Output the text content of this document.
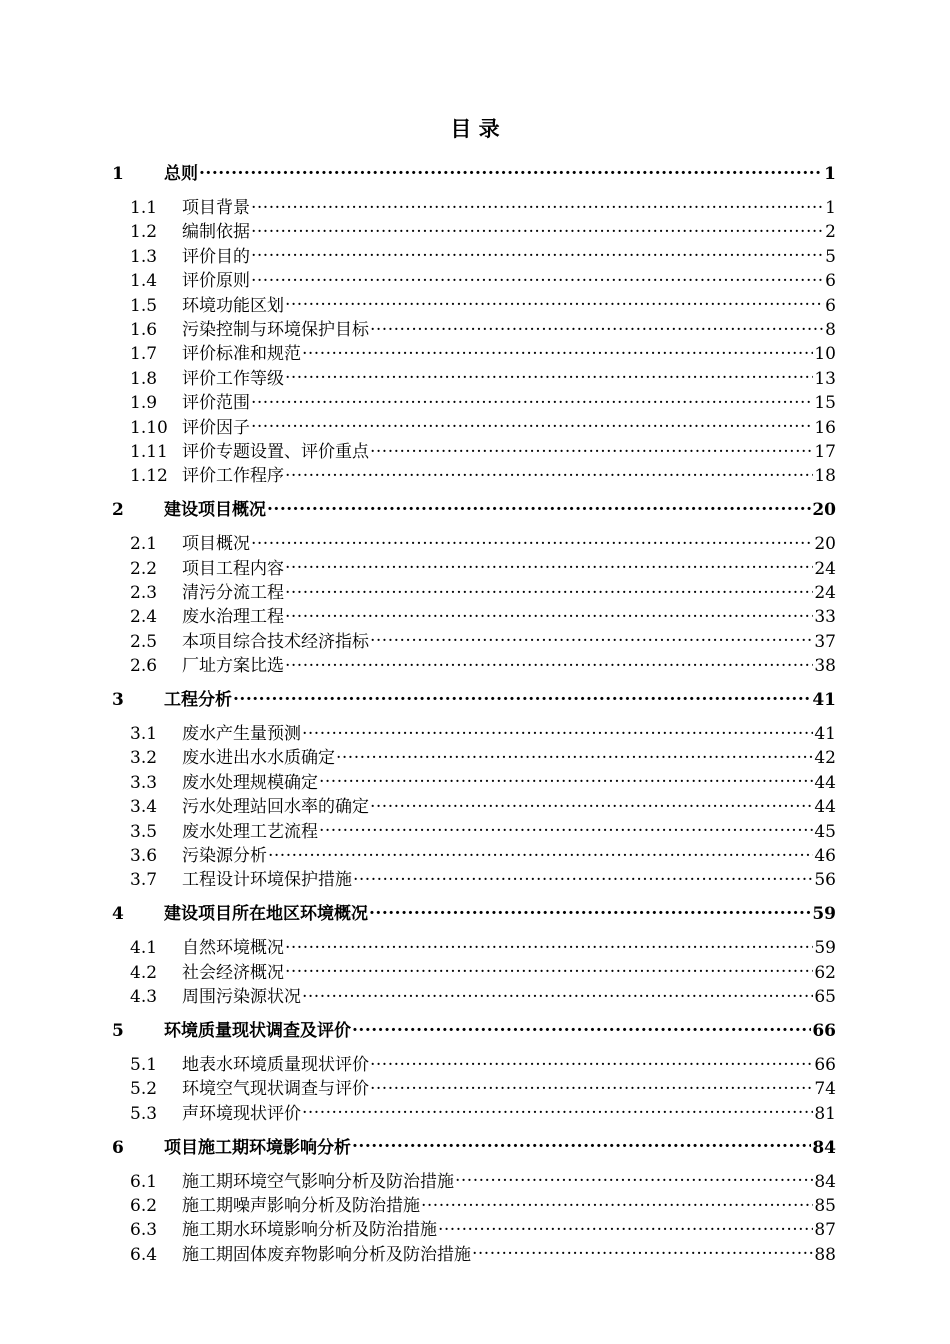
目 录
1	总则 .....	1
1.1	项目背景 .....	1
1.2	编制依据 .....	2
1.3	评价目的 .....	5
1.4	评价原则 .....	6
1.5	环境功能区划 .....	6
1.6	污染控制与环境保护目标 .....	8
1.7	评价标准和规范 .....	10
1.8	评价工作等级 .....	13
1.9	评价范围 .....	15
1.10 评价因子 .....	16
1.11 评价专题设置、评价重点 .....	17
1.12 评价工作程序 .....	18
2	建设项目概况 .....	20
2.1	项目概况 .....	20
2.2	项目工程内容 .....	24
2.3	清污分流工程 .....	24
2.4	废水治理工程 .....	33
2.5	本项目综合技术经济指标 .....	37
2.6	厂址方案比选 .....	38
3	工程分析 .....	41
3.1	废水产生量预测 .....	41
3.2	废水进出水水质确定 .....	42
3.3	废水处理规模确定 .....	44
3.4	污水处理站回水率的确定 .....	44
3.5	废水处理工艺流程 .....	45
3.6	污染源分析 .....	46
3.7	工程设计环境保护措施 .....	56
4	建设项目所在地区环境概况 .....	59
4.1	自然环境概况 .....	59
4.2	社会经济概况 .....	62
4.3	周围污染源状况 .....	65
5	环境质量现状调查及评价 .....	66
5.1	地表水环境质量现状评价 .....	66
5.2	环境空气现状调查与评价 .....	74
5.3	声环境现状评价 .....	81
6	项目施工期环境影响分析 .....	84
6.1	施工期环境空气影响分析及防治措施 .....	84
6.2	施工期噪声影响分析及防治措施 .....	85
6.3	施工期水环境影响分析及防治措施 .....	87
6.4	施工期固体废弃物影响分析及防治措施 .....	88
